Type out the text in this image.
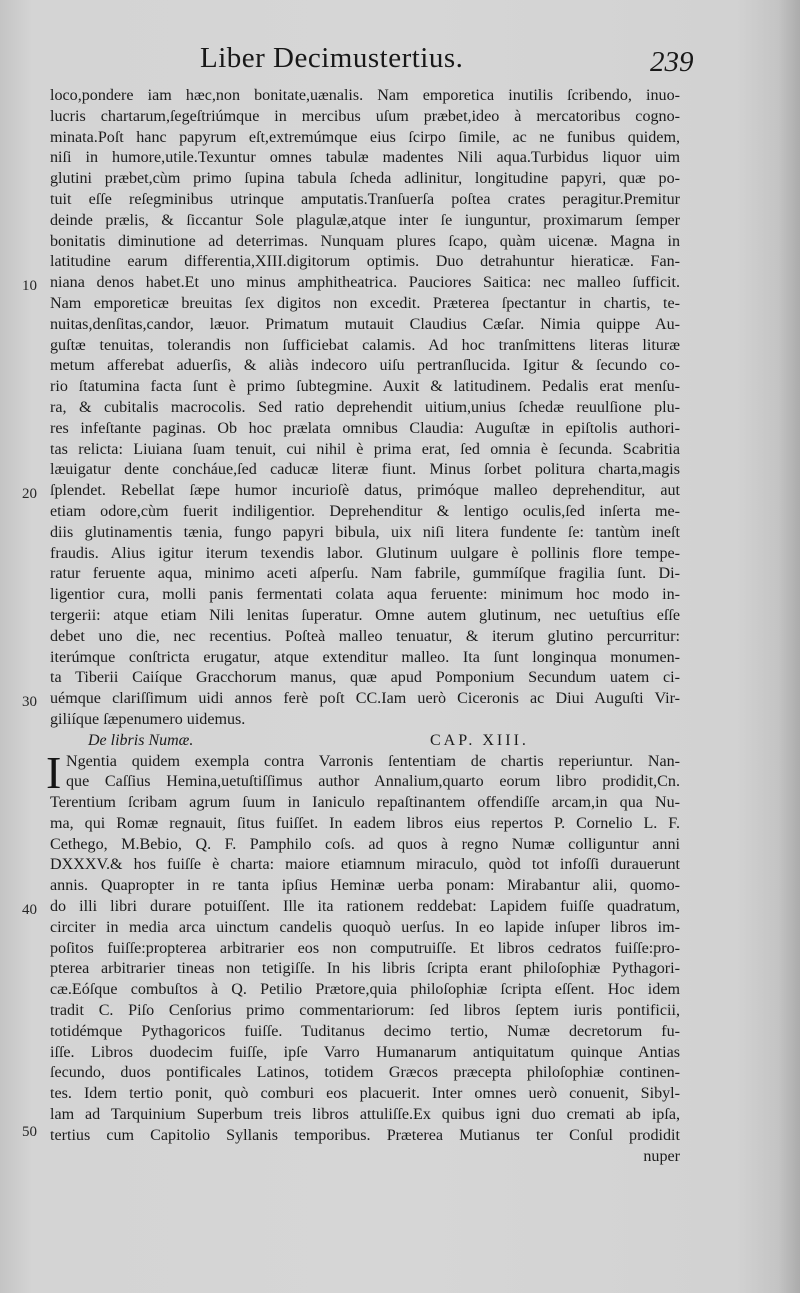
Liber Decimustertius.	239
10
20
30
40
50
loco,pondere iam hæc,non bonitate,uænalis. Nam emporetica inutilis ſcribendo, inuo-
lucris chartarum,ſegeſtriúmque in mercibus uſum præbet,ideo à mercatoribus cogno-
minata.Poſt hanc papyrum eſt,extremúmque eius ſcirpo ſimile, ac ne funibus quidem,
niſi in humore,utile.Texuntur omnes tabulæ madentes Nili aqua.Turbidus liquor uim
glutini præbet,cùm primo ſupina tabula ſcheda adlinitur, longitudine papyri, quæ po-
tuit eſſe reſegminibus utrinque amputatis.Tranſuerſa poſtea crates peragitur.Premitur
deinde prælis, & ſiccantur Sole plagulæ,atque inter ſe iunguntur, proximarum ſemper
bonitatis diminutione ad deterrimas. Nunquam plures ſcapo, quàm uicenæ. Magna in
latitudine earum differentia,XIII.digitorum optimis. Duo detrahuntur hieraticæ. Fan-
niana denos habet.Et uno minus amphitheatrica. Pauciores Saitica: nec malleo ſufficit.
Nam emporeticæ breuitas ſex digitos non excedit. Præterea ſpectantur in chartis, te-
nuitas,denſitas,candor, læuor. Primatum mutauit Claudius Cæſar. Nimia quippe Au-
guſtæ tenuitas, tolerandis non ſufficiebat calamis. Ad hoc tranſmittens literas lituræ
metum afferebat aduerſis, & aliàs indecoro uiſu pertranſlucida. Igitur & ſecundo co-
rio ſtatumina facta ſunt è primo ſubtegmine. Auxit & latitudinem. Pedalis erat menſu-
ra, & cubitalis macrocolis. Sed ratio deprehendit uitium,unius ſchedæ reuulſione plu-
res infeſtante paginas. Ob hoc prælata omnibus Claudia: Auguſtæ in epiſtolis authori-
tas relicta: Liuiana ſuam tenuit, cui nihil è prima erat, ſed omnia è ſecunda. Scabritia
læuigatur dente concháue,ſed caducæ literæ fiunt. Minus ſorbet politura charta,magis
ſplendet. Rebellat ſæpe humor incurioſè datus, primóque malleo deprehenditur, aut
etiam odore,cùm fuerit indiligentior. Deprehenditur & lentigo oculis,ſed inſerta me-
diis glutinamentis tænia, fungo papyri bibula, uix niſi litera fundente ſe: tantùm ineſt
fraudis. Alius igitur iterum texendis labor. Glutinum uulgare è pollinis flore tempe-
ratur feruente aqua, minimo aceti aſperſu. Nam fabrile, gummíſque fragilia ſunt. Di-
ligentior cura, molli panis fermentati colata aqua feruente: minimum hoc modo in-
tergerii: atque etiam Nili lenitas ſuperatur. Omne autem glutinum, nec uetuſtius eſſe
debet uno die, nec recentius. Poſteà malleo tenuatur, & iterum glutino percurritur:
iterúmque conſtricta erugatur, atque extenditur malleo. Ita ſunt longinqua monumen-
ta Tiberii Caiíque Gracchorum manus, quæ apud Pomponium Secundum uatem ci-
uémque clariſſimum uidi annos ferè poſt CC.Iam uerò Ciceronis ac Diui Auguſti Vir-
giliíque ſæpenumero uidemus.
De libris Numæ.	CAP. XIII.
I Ngentia quidem exempla contra Varronis ſententiam de chartis reperiuntur. Nan-
que Caſſius Hemina,uetuſtiſſimus author Annalium,quarto eorum libro prodidit,Cn.
Terentium ſcribam agrum ſuum in Ianiculo repaſtinantem offendiſſe arcam,in qua Nu-
ma, qui Romæ regnauit, ſitus fuiſſet. In eadem libros eius repertos P. Cornelio L. F.
Cethego, M.Bebio, Q. F. Pamphilo coſs. ad quos à regno Numæ colliguntur anni
DXXXV.& hos fuiſſe è charta: maiore etiamnum miraculo, quòd tot infoſſi durauerunt
annis. Quapropter in re tanta ipſius Heminæ uerba ponam: Mirabantur alii, quomo-
do illi libri durare potuiſſent. Ille ita rationem reddebat: Lapidem fuiſſe quadratum,
circiter in media arca uinctum candelis quoquò uerſus. In eo lapide inſuper libros im-
poſitos fuiſſe:propterea arbitrarier eos non computruiſſe. Et libros cedratos fuiſſe:pro-
pterea arbitrarier tineas non tetigiſſe. In his libris ſcripta erant philoſophiæ Pythagori-
cæ.Eóſque combuſtos à Q. Petilio Prætore,quia philoſophiæ ſcripta eſſent. Hoc idem
tradit C. Piſo Cenſorius primo commentariorum: ſed libros ſeptem iuris pontificii,
totidémque Pythagoricos fuiſſe. Tuditanus decimo tertio, Numæ decretorum fu-
iſſe. Libros duodecim fuiſſe, ipſe Varro Humanarum antiquitatum quinque Antias
ſecundo, duos pontificales Latinos, totidem Græcos præcepta philoſophiæ continen-
tes. Idem tertio ponit, quò comburi eos placuerit. Inter omnes uerò conuenit, Sibyl-
lam ad Tarquinium Superbum treis libros attuliſſe.Ex quibus igni duo cremati ab ipſa,
tertius cum Capitolio Syllanis temporibus. Præterea Mutianus ter Conſul prodidit
nuper
